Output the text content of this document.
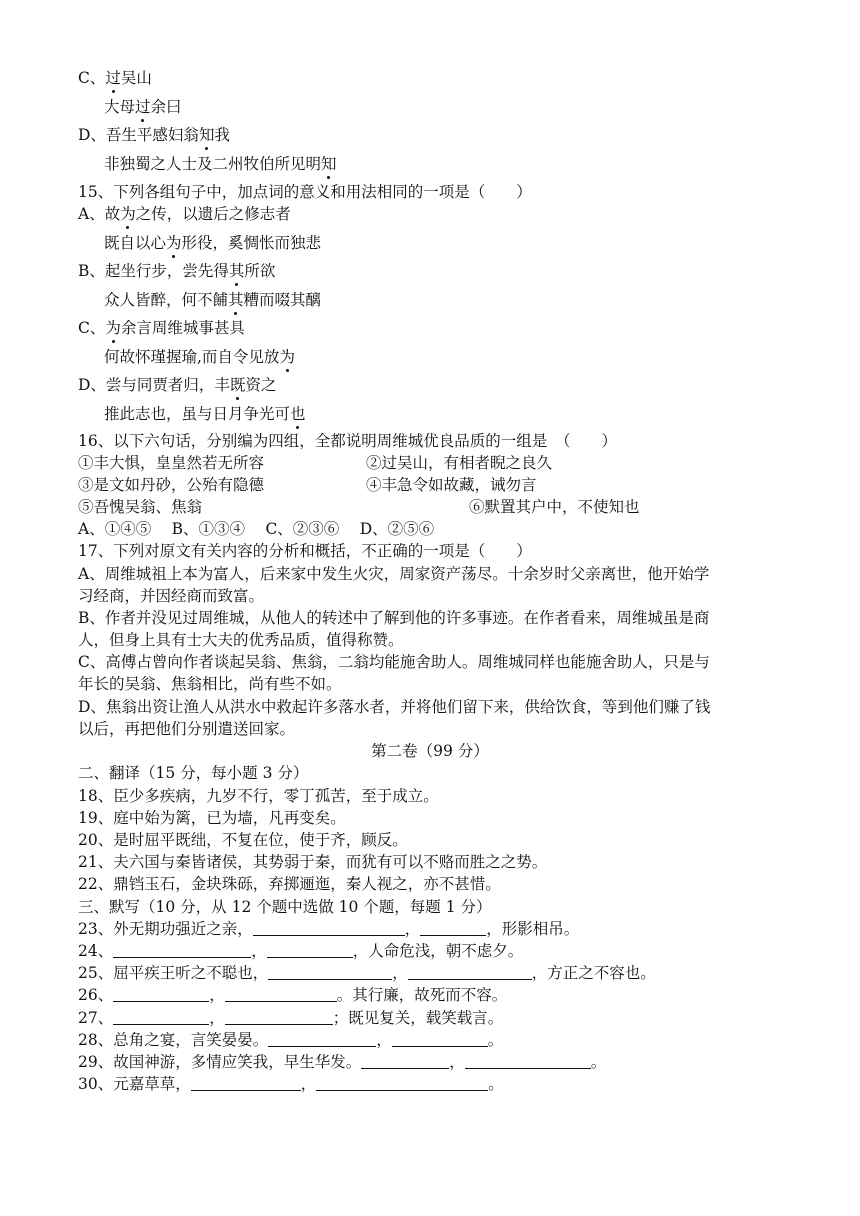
C、过吴山
大母过余曰
D、吾生平感妇翁知我
非独蜀之人士及二州牧伯所见明知
15、下列各组句子中，加点词的意义和用法相同的一项是（　　）
A、故为之传，以遗后之修志者
既自以心为形役，奚惆怅而独悲
B、起坐行步，尝先得其所欲
众人皆醉，何不餔其糟而啜其醨
C、为余言周维城事甚具
何故怀瑾握瑜,而自令见放为
D、尝与同贾者归，丰既资之
推此志也，虽与日月争光可也
16、以下六句话，分别编为四组，全都说明周维城优良品质的一组是　（　　）
①丰大惧，皇皇然若无所容	②过吴山，有相者睨之良久
③是文如丹砂，公殆有隐德	④丰急令如故藏，诫勿言
⑤吾愧吴翁、焦翁	⑥默置其户中，不使知也
A、①④⑤　 B、①③④　 C、②③⑥　 D、②⑤⑥
17、下列对原文有关内容的分析和概括，不正确的一项是（　　）
A、周维城祖上本为富人，后来家中发生火灾，周家资产荡尽。十余岁时父亲离世，他开始学
习经商，并因经商而致富。
B、作者并没见过周维城，从他人的转述中了解到他的许多事迹。在作者看来，周维城虽是商
人，但身上具有士大夫的优秀品质，值得称赞。
C、高傅占曾向作者谈起吴翁、焦翁，二翁均能施舍助人。周维城同样也能施舍助人，只是与
年长的吴翁、焦翁相比，尚有些不如。
D、焦翁出资让渔人从洪水中救起许多落水者，并将他们留下来，供给饮食，等到他们赚了钱
以后，再把他们分别遣送回家。
第二卷（99 分）
二、翻译（15 分，每小题 3 分）
18、臣少多疾病，九岁不行，零丁孤苦，至于成立。
19、庭中始为篱，已为墙，凡再变矣。
20、是时屈平既绌，不复在位，使于齐，顾反。
21、夫六国与秦皆诸侯，其势弱于秦，而犹有可以不赂而胜之之势。
22、鼎铛玉石，金块珠砾，弃掷逦迤，秦人视之，亦不甚惜。
三、默写（10 分，从 12 个题中选做 10 个题，每题 1 分）
23、外无期功强近之亲，	，	，形影相吊。
24、	，	，人命危浅，朝不虑夕。
25、屈平疾王听之不聪也，	，	，方正之不容也。
26、	，	。其行廉，故死而不容。
27、	，	；既见复关，载笑载言。
28、总角之宴，言笑晏晏。	，	。
29、故国神游，多情应笑我，早生华发。	，	。
30、元嘉草草，	，	。
